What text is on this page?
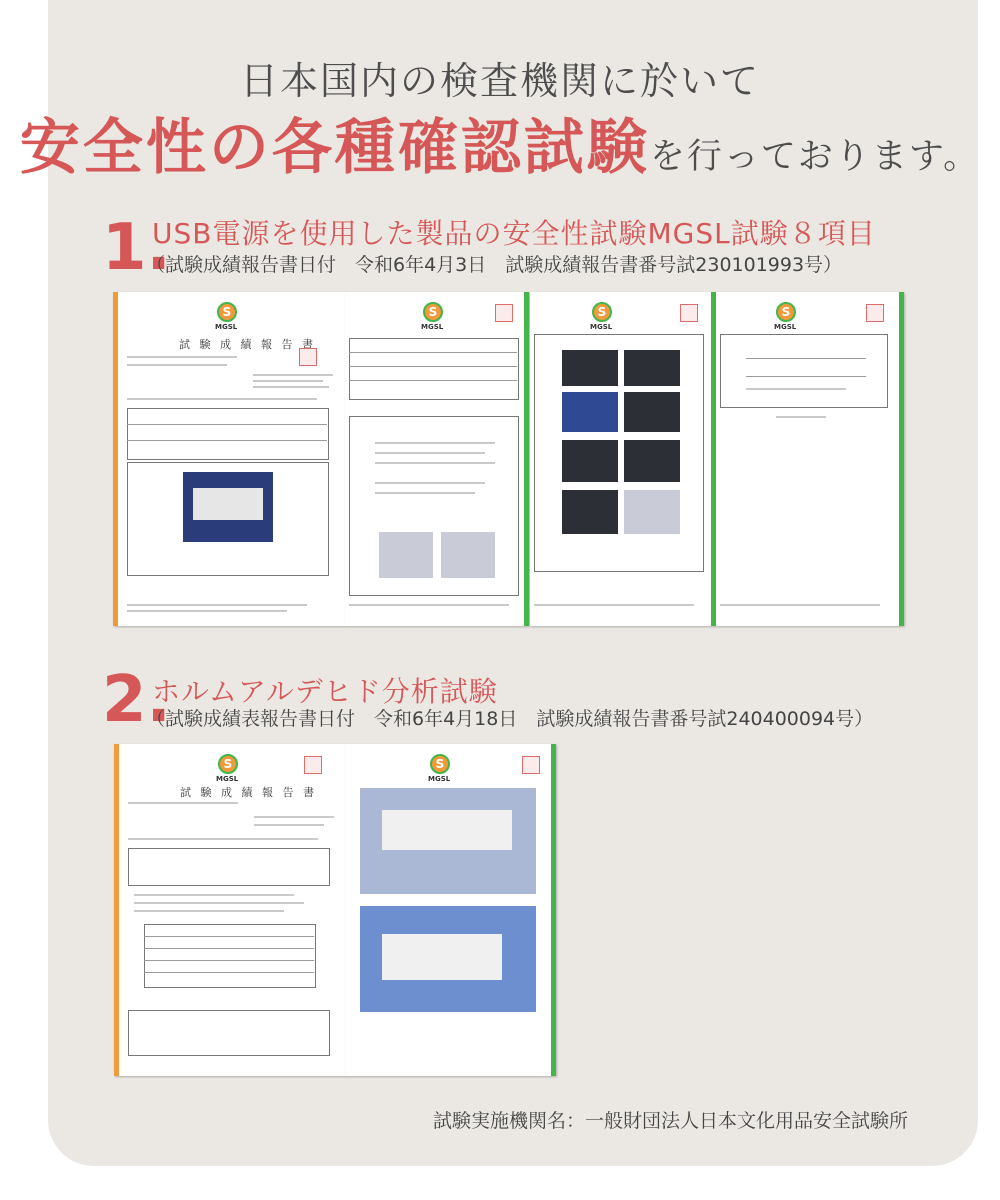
日本国内の検査機関に於いて
安全性の各種確認試験を行っております。
1.
USB電源を使用した製品の安全性試験MGSL試験８項目
（試験成績報告書日付　令和6年4月3日　試験成績報告書番号試230101993号）
S
MGSL
試 験 成 績 報 告 書
S
MGSL
S
MGSL
S
MGSL
2.
ホルムアルデヒド分析試験
（試験成績表報告書日付　令和6年4月18日　試験成績報告書番号試240400094号）
S
MGSL
試 験 成 績 報 告 書
S
MGSL
試験実施機関名：一般財団法人日本文化用品安全試験所
